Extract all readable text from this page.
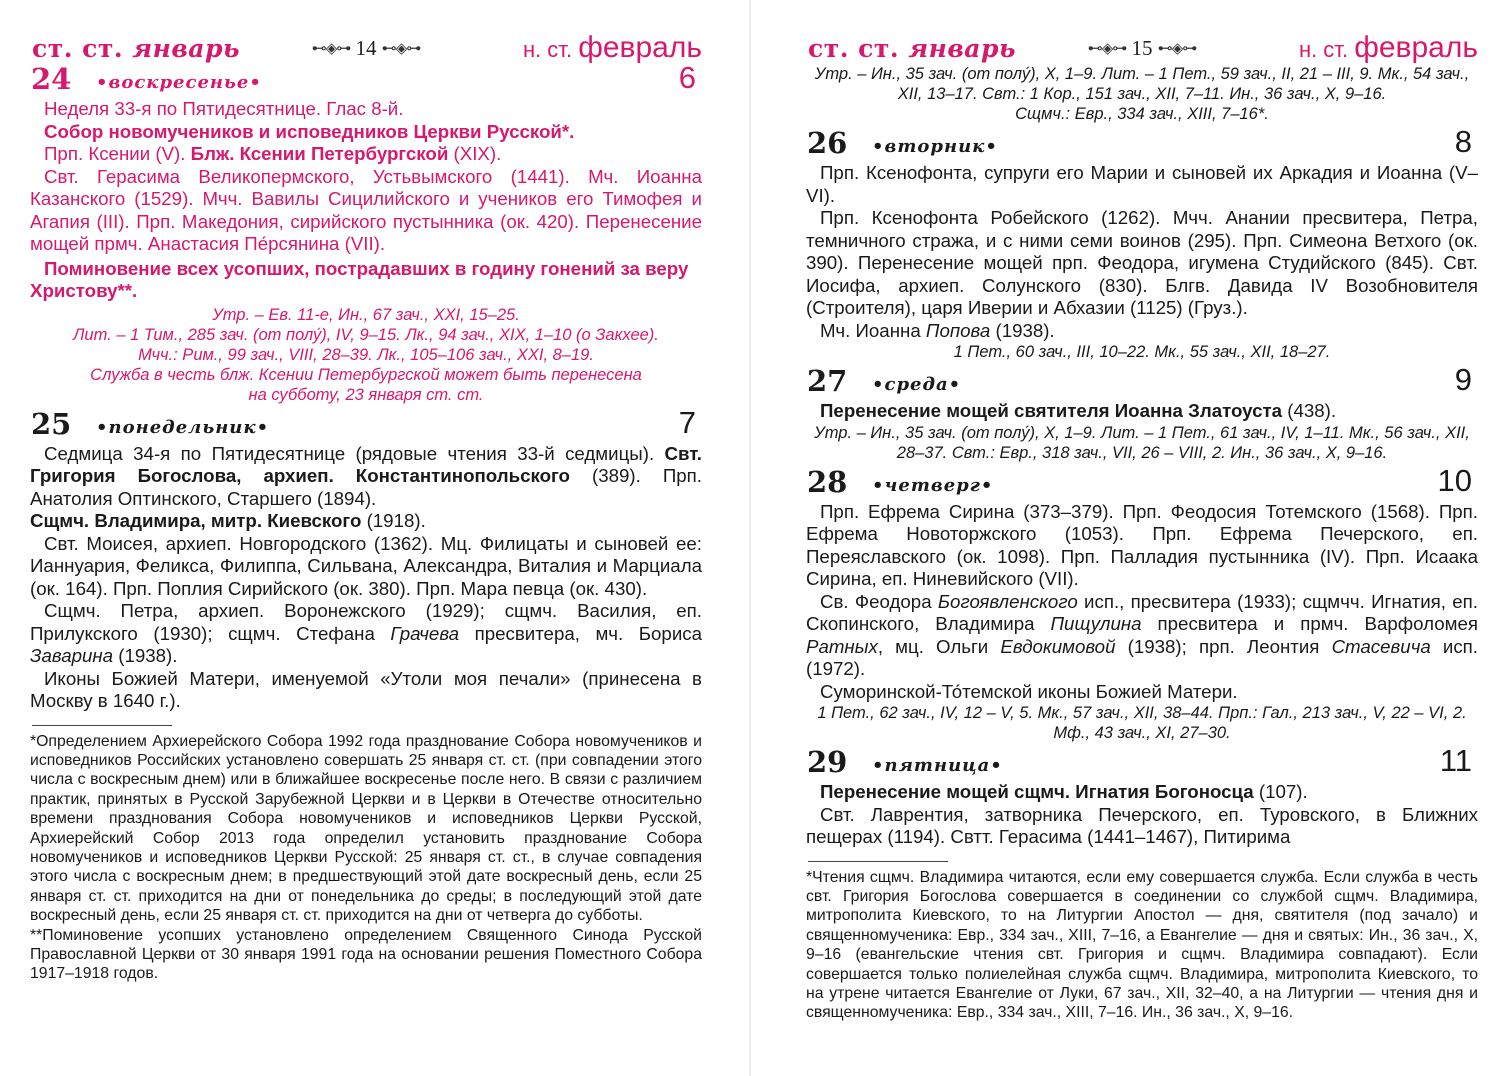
ст. ст. январь	⊷◈⊶ 14 ⊷◈⊶	н. ст. февраль
24 •воскресенье•	6

Неделя 33-я по Пятидесятнице. Глас 8-й.

Собор новомучеников и исповедников Церкви Русской*.

Прп. Ксении (V). Блж. Ксении Петербургской (XIX).

Свт. Герасима Великопермского, Устьвымского (1441). Мч. Иоанна Казанского (1529). Мчч. Вавилы Сицилийского и учеников его Тимофея и Агапия (III). Прп. Македония, сирийского пустынника (ок. 420). Перенесение мощей прмч. Анастасия Пе́рсянина (VII).

Поминовение всех усопших, пострадавших в годину гонений за веру Христову**.

Утр. – Ев. 11-е, Ин., 67 зач., XXI, 15–25.

Лит. – 1 Тим., 285 зач. (от полу́), IV, 9–15. Лк., 94 зач., XIX, 1–10 (о Закхее).

Мчч.: Рим., 99 зач., VIII, 28–39. Лк., 105–106 зач., XXI, 8–19.

Служба в честь блж. Ксении Петербургской может быть перенесена

на субботу, 23 января ст. ст.

25 •понедельник•	7

Седмица 34-я по Пятидесятнице (рядовые чтения 33-й седмицы). Свт. Григория Богослова, архиеп. Константинопольского (389). Прп. Анатолия Оптинского, Старшего (1894).

Сщмч. Владимира, митр. Киевского (1918).

Свт. Моисея, архиеп. Новгородского (1362). Мц. Филицаты и сыновей ее: Ианнуария, Феликса, Филиппа, Сильвана, Александра, Виталия и Марциала (ок. 164). Прп. Поплия Сирийского (ок. 380). Прп. Мара певца (ок. 430).

Сщмч. Петра, архиеп. Воронежского (1929); сщмч. Василия, еп. Прилукского (1930); сщмч. Стефана Грачева пресвитера, мч. Бориса Заварина (1938).

Иконы Божией Матери, именуемой «Утоли моя печали» (принесена в Москву в 1640 г.).

*Определением Архиерейского Собора 1992 года празднование Собора новомучеников и исповедников Российских установлено совершать 25 января ст. ст. (при совпадении этого числа с воскресным днем) или в ближайшее воскресенье после него. В связи с различием практик, принятых в Русской Зарубежной Церкви и в Церкви в Отечестве относительно времени празднования Собора новомучеников и исповедников Церкви Русской, Архиерейский Собор 2013 года определил установить празднование Собора новомучеников и исповедников Церкви Русской: 25 января ст. ст., в случае совпадения этого числа с воскресным днем; в предшествующий этой дате воскресный день, если 25 января ст. ст. приходится на дни от понедельника до среды; в последующий этой дате воскресный день, если 25 января ст. ст. приходится на дни от четверга до субботы.

**Поминовение усопших установлено определением Священного Синода Русской Православной Церкви от 30 января 1991 года на основании решения Поместного Собора 1917–1918 годов.

ст. ст. январь	⊷◈⊶ 15 ⊷◈⊶	н. ст. февраль

Утр. – Ин., 35 зач. (от полу́), X, 1–9. Лит. – 1 Пет., 59 зач., II, 21 – III, 9. Мк., 54 зач., XII, 13–17. Свт.: 1 Кор., 151 зач., XII, 7–11. Ин., 36 зач., X, 9–16.

Сщмч.: Евр., 334 зач., XIII, 7–16*.

26 •вторник•	8

Прп. Ксенофонта, супруги его Марии и сыновей их Аркадия и Иоанна (V–VI).

Прп. Ксенофонта Робейского (1262). Мчч. Анании пресвитера, Петра, темничного стража, и с ними семи воинов (295). Прп. Симеона Ветхого (ок. 390). Перенесение мощей прп. Феодора, игумена Студийского (845). Свт. Иосифа, архиеп. Солунского (830). Блгв. Давида IV Возобновителя (Строителя), царя Иверии и Абхазии (1125) (Груз.).

Мч. Иоанна Попова (1938).

1 Пет., 60 зач., III, 10–22. Мк., 55 зач., XII, 18–27.

27 •среда•	9

Перенесение мощей святителя Иоанна Златоуста (438).

Утр. – Ин., 35 зач. (от полу́), X, 1–9. Лит. – 1 Пет., 61 зач., IV, 1–11. Мк., 56 зач., XII, 28–37. Свт.: Евр., 318 зач., VII, 26 – VIII, 2. Ин., 36 зач., X, 9–16.

28 •четверг•	10

Прп. Ефрема Сирина (373–379). Прп. Феодосия Тотемского (1568). Прп. Ефрема Новоторжского (1053). Прп. Ефрема Печерского, еп. Переяславского (ок. 1098). Прп. Палладия пустынника (IV). Прп. Исаака Сирина, еп. Ниневийского (VII).

Св. Феодора Богоявленского исп., пресвитера (1933); сщмчч. Игнатия, еп. Скопинского, Владимира Пищулина пресвитера и прмч. Варфоломея Ратных, мц. Ольги Евдокимовой (1938); прп. Леонтия Стасевича исп. (1972).

Суморинской-То́темской иконы Божией Матери.

1 Пет., 62 зач., IV, 12 – V, 5. Мк., 57 зач., XII, 38–44. Прп.: Гал., 213 зач., V, 22 – VI, 2. Мф., 43 зач., XI, 27–30.

29 •пятница•	11

Перенесение мощей сщмч. Игнатия Богоносца (107).

Свт. Лаврентия, затворника Печерского, еп. Туровского, в Ближних пещерах (1194). Свтт. Герасима (1441–1467), Питирима

*Чтения сщмч. Владимира читаются, если ему совершается служба. Если служба в честь свт. Григория Богослова совершается в соединении со службой сщмч. Владимира, митрополита Киевского, то на Литургии Апостол — дня, святителя (под зачало) и священномученика: Евр., 334 зач., XIII, 7–16, а Евангелие — дня и святых: Ин., 36 зач., X, 9–16 (евангельские чтения свт. Григория и сщмч. Владимира совпадают). Если совершается только полиелейная служба сщмч. Владимира, митрополита Киевского, то на утрене читается Евангелие от Луки, 67 зач., XII, 32–40, а на Литургии — чтения дня и священномученика: Евр., 334 зач., XIII, 7–16. Ин., 36 зач., X, 9–16.
